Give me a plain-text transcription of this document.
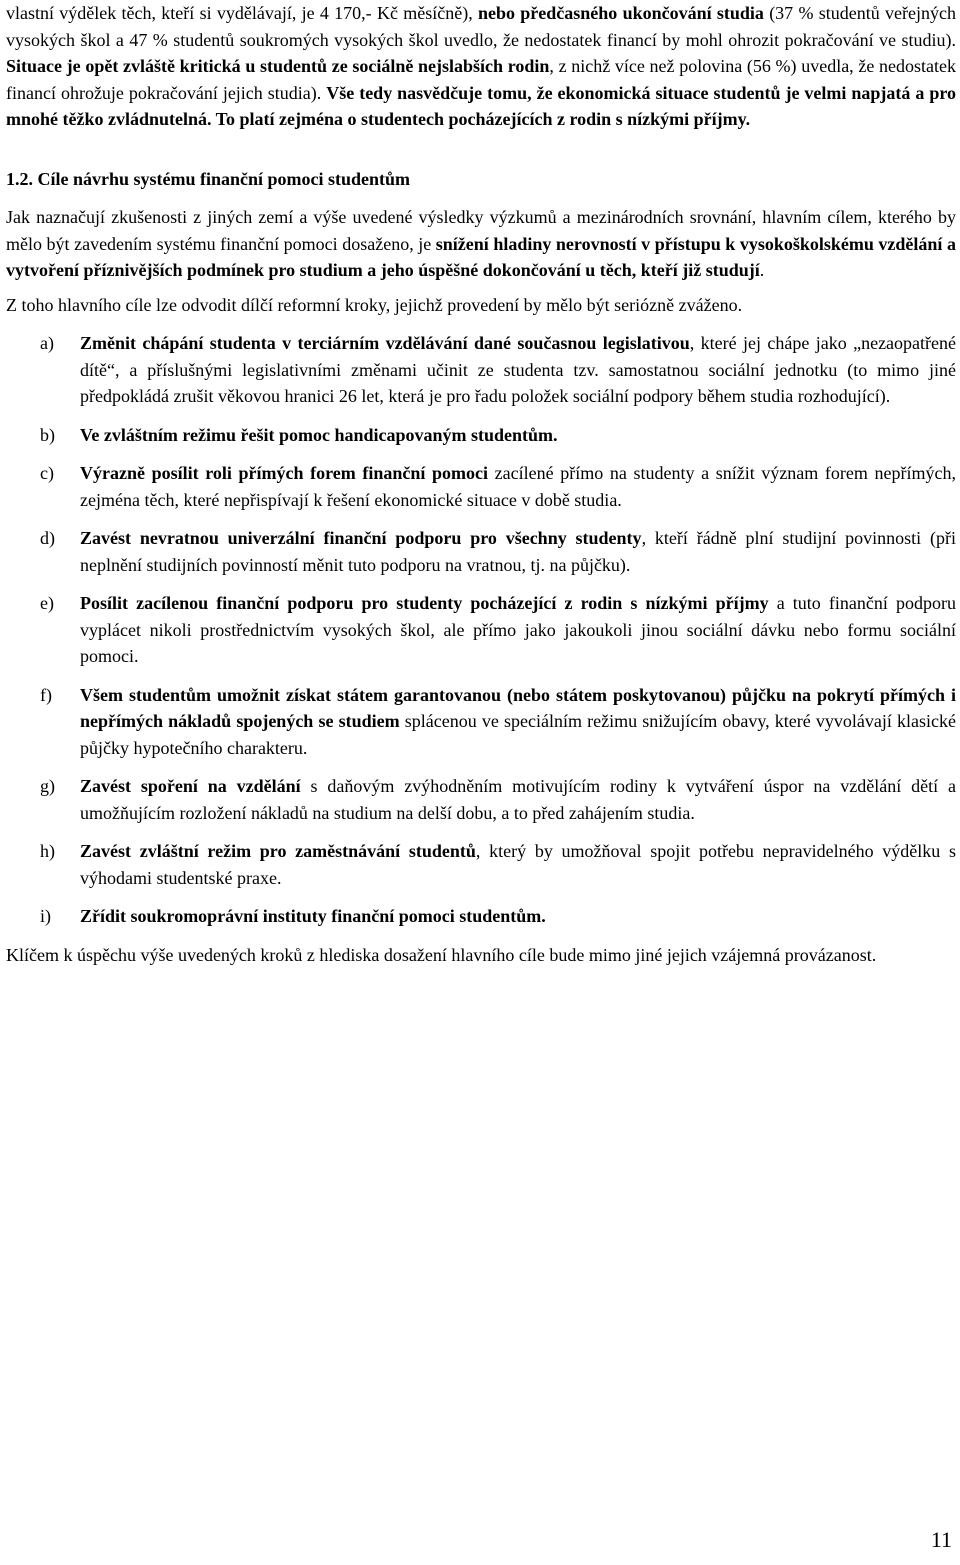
vlastní výdělek těch, kteří si vydělávají, je 4 170,- Kč měsíčně), nebo předčasného ukončování studia (37 % studentů veřejných vysokých škol a 47 % studentů soukromých vysokých škol uvedlo, že nedostatek financí by mohl ohrozit pokračování ve studiu). Situace je opět zvláště kritická u studentů ze sociálně nejslabších rodin, z nichž více než polovina (56 %) uvedla, že nedostatek financí ohrožuje pokračování jejich studia). Vše tedy nasvědčuje tomu, že ekonomická situace studentů je velmi napjatá a pro mnohé těžko zvládnutelná. To platí zejména o studentech pocházejících z rodin s nízkými příjmy.

1.2. Cíle návrhu systému finanční pomoci studentům

Jak naznačují zkušenosti z jiných zemí a výše uvedené výsledky výzkumů a mezinárodních srovnání, hlavním cílem, kterého by mělo být zavedením systému finanční pomoci dosaženo, je snížení hladiny nerovností v přístupu k vysokoškolskému vzdělání a vytvoření příznivějších podmínek pro studium a jeho úspěšné dokončování u těch, kteří již studují.

Z toho hlavního cíle lze odvodit dílčí reformní kroky, jejichž provedení by mělo být seriózně zváženo.

a)	Změnit chápání studenta v terciárním vzdělávání dané současnou legislativou, které jej chápe jako „nezaopatřené dítě“, a příslušnými legislativními změnami učinit ze studenta tzv. samostatnou sociální jednotku (to mimo jiné předpokládá zrušit věkovou hranici 26 let, která je pro řadu položek sociální podpory během studia rozhodující).
b)	Ve zvláštním režimu řešit pomoc handicapovaným studentům.
c)	Výrazně posílit roli přímých forem finanční pomoci zacílené přímo na studenty a snížit význam forem nepřímých, zejména těch, které nepřispívají k řešení ekonomické situace v době studia.
d)	Zavést nevratnou univerzální finanční podporu pro všechny studenty, kteří řádně plní studijní povinnosti (při neplnění studijních povinností měnit tuto podporu na vratnou, tj. na půjčku).
e)	Posílit zacílenou finanční podporu pro studenty pocházející z rodin s nízkými příjmy a tuto finanční podporu vyplácet nikoli prostřednictvím vysokých škol, ale přímo jako jakoukoli jinou sociální dávku nebo formu sociální pomoci.
f)	Všem studentům umožnit získat státem garantovanou (nebo státem poskytovanou) půjčku na pokrytí přímých i nepřímých nákladů spojených se studiem splácenou ve speciálním režimu snižujícím obavy, které vyvolávají klasické půjčky hypotečního charakteru.
g)	Zavést spoření na vzdělání s daňovým zvýhodněním motivujícím rodiny k vytváření úspor na vzdělání dětí a umožňujícím rozložení nákladů na studium na delší dobu, a to před zahájením studia.
h)	Zavést zvláštní režim pro zaměstnávání studentů, který by umožňoval spojit potřebu nepravidelného výdělku s výhodami studentské praxe.
i)	Zřídit soukromoprávní instituty finanční pomoci studentům.

Klíčem k úspěchu výše uvedených kroků z hlediska dosažení hlavního cíle bude mimo jiné jejich vzájemná provázanost.

11
